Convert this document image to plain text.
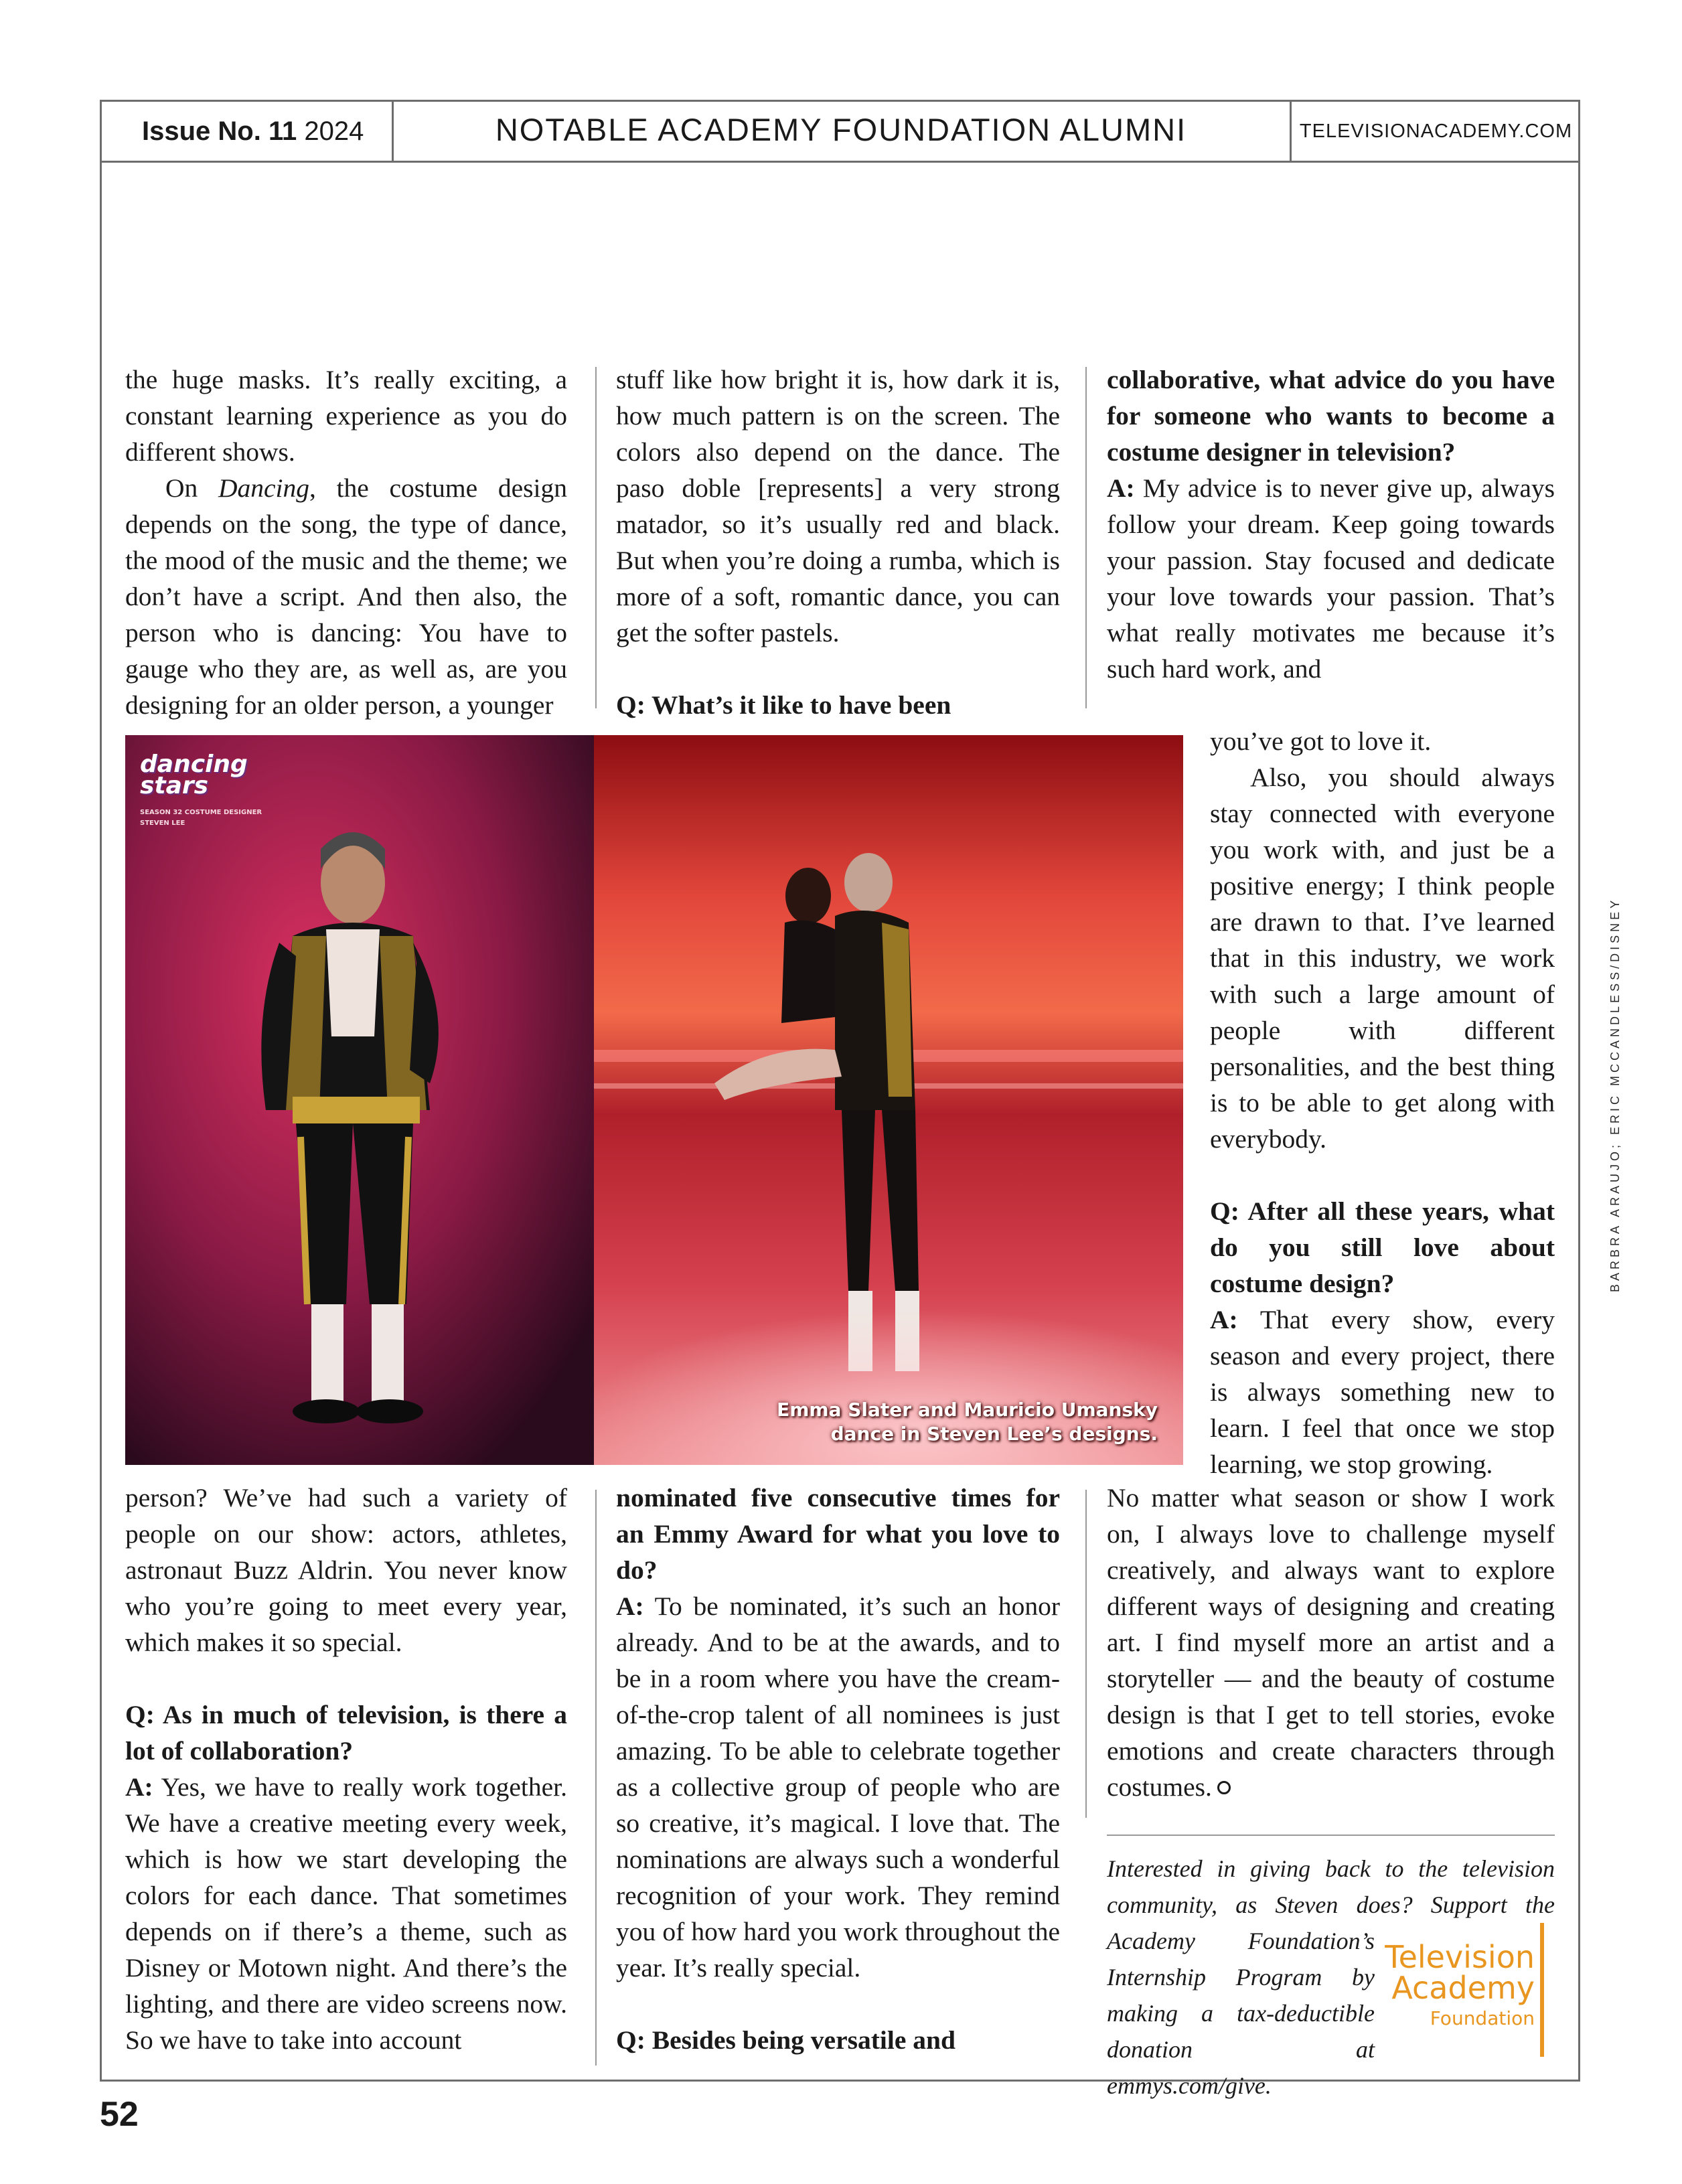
Issue No. 11 2024	NOTABLE ACADEMY FOUNDATION ALUMNI	TELEVISIONACADEMY.COM

the huge masks. It’s really exciting, a constant learning experience as you do different shows.

On Dancing, the costume design depends on the song, the type of dance, the mood of the music and the theme; we don’t have a script. And then also, the person who is dancing: You have to gauge who they are, as well as, are you designing for an older person, a younger

stuff like how bright it is, how dark it is, how much pattern is on the screen. The colors also depend on the dance. The paso doble [represents] a very strong matador, so it’s usually red and black. But when you’re doing a rumba, which is more of a soft, romantic dance, you can get the softer pastels.

Q: What’s it like to have been

collaborative, what advice do you have for someone who wants to become a costume designer in television?

A: My advice is to never give up, always follow your dream. Keep going towards your passion. Stay focused and dedicate your love towards your passion. That’s what really motivates me because it’s such hard work, and

you’ve got to love it.

Also, you should always stay connected with everyone you work with, and just be a positive energy; I think people are drawn to that. I’ve learned that in this industry, we work with such a large amount of people with different personalities, and the best thing is to be able to get along with everybody.

Q: After all these years, what do you still love about costume design?

A: That every show, every season and every project, there is always something new to learn. I feel that once we stop learning, we stop growing.

dancing
stars
SEASON 32 COSTUME DESIGNER STEVEN LEE
Emma Slater and Mauricio Umansky
dance in Steven Lee’s designs.

person? We’ve had such a variety of people on our show: actors, athletes, astronaut Buzz Aldrin. You never know who you’re going to meet every year, which makes it so special.

Q: As in much of television, is there a lot of collaboration?

A: Yes, we have to really work together. We have a creative meeting every week, which is how we start developing the colors for each dance. That sometimes depends on if there’s a theme, such as Disney or Motown night. And there’s the lighting, and there are video screens now. So we have to take into account

nominated five consecutive times for an Emmy Award for what you love to do?

A: To be nominated, it’s such an honor already. And to be at the awards, and to be in a room where you have the cream-of-the-crop talent of all nominees is just amazing. To be able to celebrate together as a collective group of people who are so creative, it’s magical. I love that. The nominations are always such a wonderful recognition of your work. They remind you of how hard you work throughout the year. It’s really special.

Q: Besides being versatile and

No matter what season or show I work on, I always love to challenge myself creatively, and always want to explore different ways of designing and creating art. I find myself more an artist and a storyteller — and the beauty of costume design is that I get to tell stories, evoke emotions and create characters through costumes.

Interested in giving back to the television community, as Steven does? Support the
Academy Foundation’s Internship Program by making a tax-deductible donation at emmys.com/give.
Television
Academy
Foundation
BARBRA ARAUJO; ERIC MCCANDLESS/DISNEY
52
